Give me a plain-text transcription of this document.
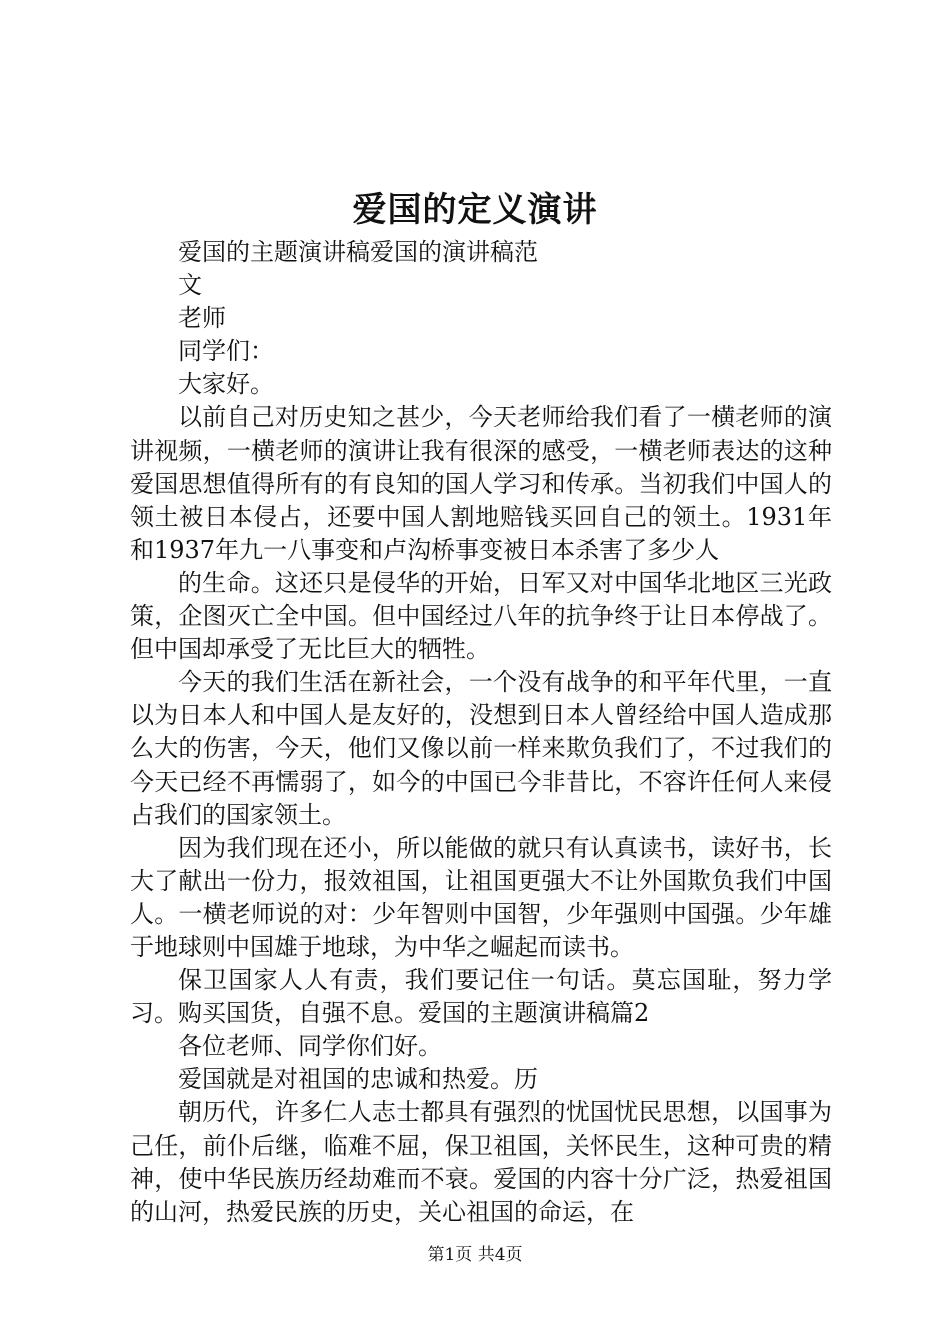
爱国的定义演讲

爱国的主题演讲稿爱国的演讲稿范

文

老师

同学们：

大家好。

以前自己对历史知之甚少，今天老师给我们看了一横老师的演讲视频，一横老师的演讲让我有很深的感受，一横老师表达的这种爱国思想值得所有的有良知的国人学习和传承。当初我们中国人的领土被日本侵占，还要中国人割地赔钱买回自己的领土。1931年和1937年九一八事变和卢沟桥事变被日本杀害了多少人

的生命。这还只是侵华的开始，日军又对中国华北地区三光政策，企图灭亡全中国。但中国经过八年的抗争终于让日本停战了。但中国却承受了无比巨大的牺牲。

今天的我们生活在新社会，一个没有战争的和平年代里，一直以为日本人和中国人是友好的，没想到日本人曾经给中国人造成那么大的伤害，今天，他们又像以前一样来欺负我们了，不过我们的今天已经不再懦弱了，如今的中国已今非昔比，不容许任何人来侵占我们的国家领土。

因为我们现在还小，所以能做的就只有认真读书，读好书，长大了献出一份力，报效祖国，让祖国更强大不让外国欺负我们中国人。一横老师说的对：少年智则中国智，少年强则中国强。少年雄于地球则中国雄于地球，为中华之崛起而读书。

保卫国家人人有责，我们要记住一句话。莫忘国耻，努力学习。购买国货，自强不息。爱国的主题演讲稿篇2

各位老师、同学你们好。

爱国就是对祖国的忠诚和热爱。历

朝历代，许多仁人志士都具有强烈的忧国忧民思想，以国事为己任，前仆后继，临难不屈，保卫祖国，关怀民生，这种可贵的精神，使中华民族历经劫难而不衰。爱国的内容十分广泛，热爱祖国的山河，热爱民族的历史，关心祖国的命运，在

第1页 共4页
